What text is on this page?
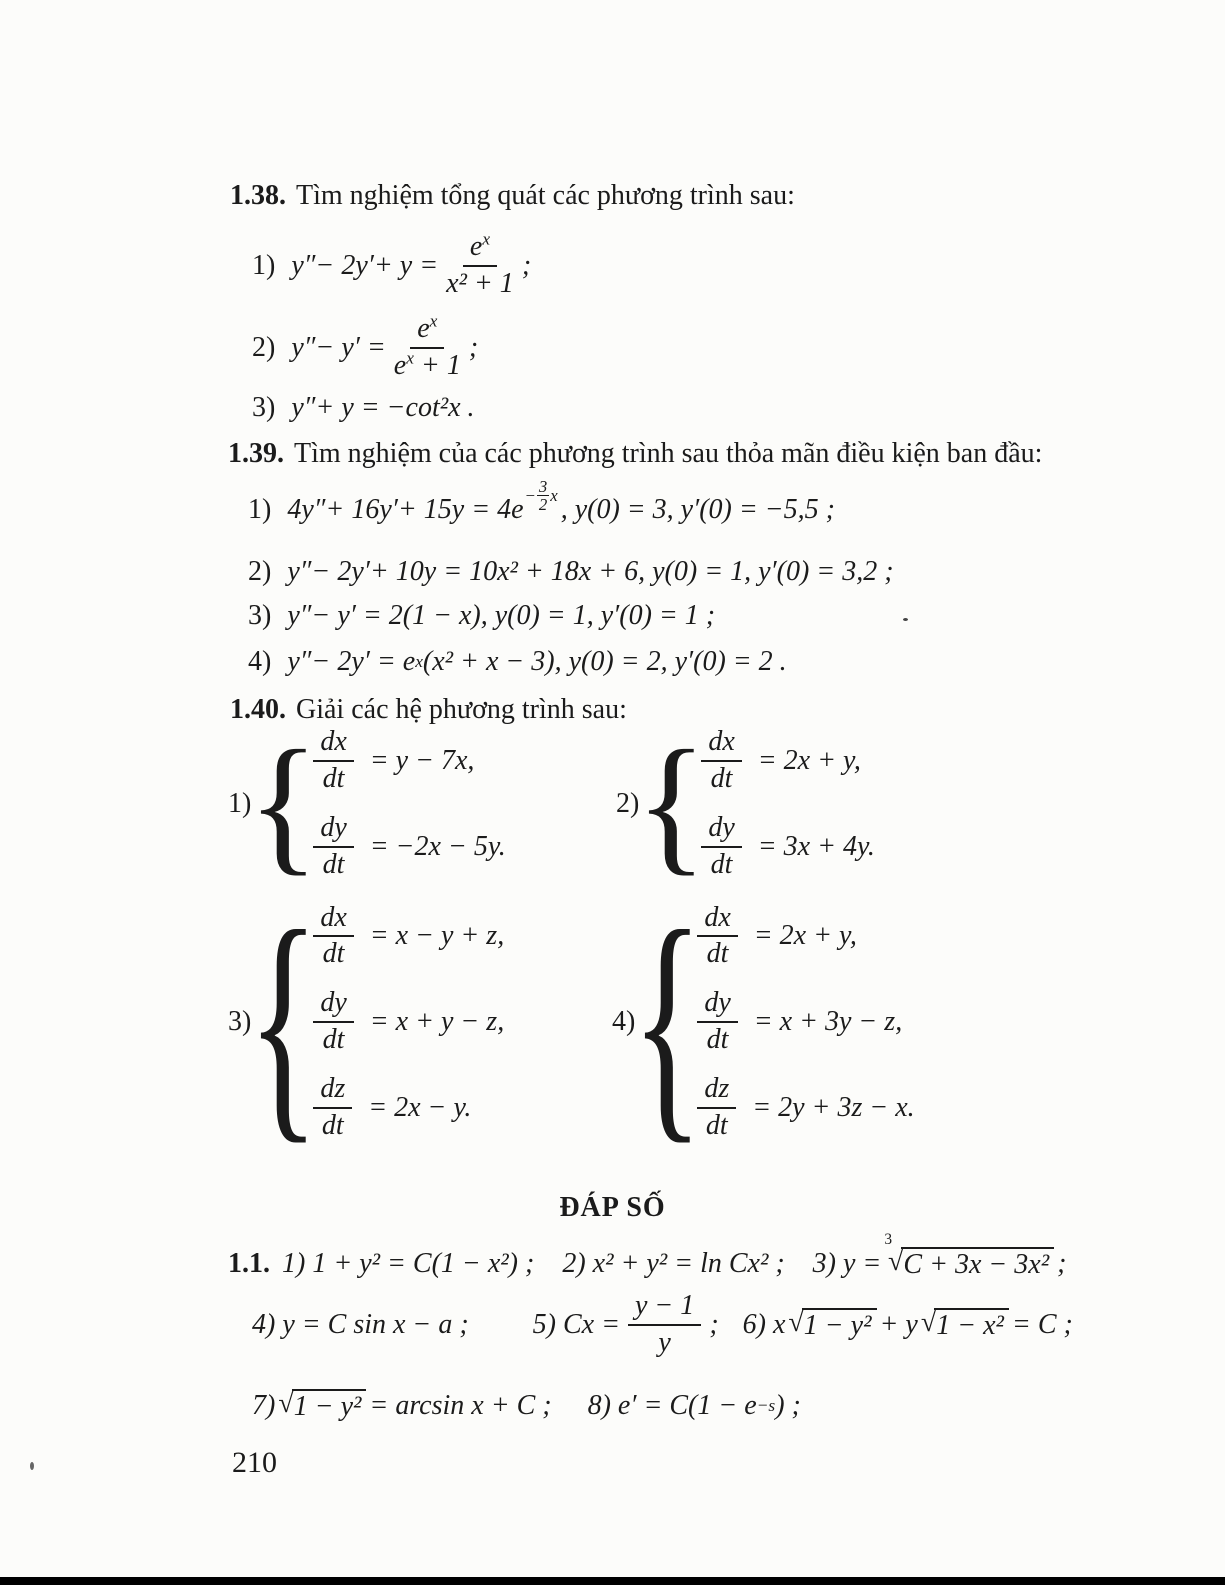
1.38. Tìm nghiệm tổng quát các phương trình sau:
1) $y''- 2y'+ y = \frac{e^x}{\text{x² + 1}}$ ;
2) $y''- y' = \frac{e^x}{e^x + 1}$ ;
3) y″+ y = −cot²x .
1.39. Tìm nghiệm của các phương trình sau thỏa mãn điều kiện ban đầu:
1) $4y''+ 16y'+ 15y = 4e - \frac{3}{2}$ x , y(0) = 3, y′(0) = −5,5 ;
2) y″− 2y′+ 10y = 10x² + 18x + 6, y(0) = 1, y′(0) = 3,2 ;
3) y″− y′ = 2(1 − x), y(0) = 1, y′(0) = 1 ;
4) y″− 2y′ = e x (x² + x − 3), y(0) = 2, y′(0) = 2 .
1.40. Giải các hệ phương trình sau:
1)
{
$\frac{dx}{dt} = y - 7x$,
$\frac{dy}{dt} = -2x - 5y$.
2)
{
$\frac{dx}{dt} = 2x + y$,
$\frac{dy}{dt} = 3x + 4y$.
3)
{
$\frac{dx}{dt} = x - y + z$,
$\frac{dy}{dt} = x + y - z$,
$\frac{dz}{dt} = 2x - y$.
4)
{
$\frac{dx}{dt} = 2x + y$,
$\frac{dy}{dt} = x + 3y - z$,
$\frac{dz}{dt} = 2y + 3z - x$.
ĐÁP SỐ
1.1. 1) 1 + y² = C(1 − x²) ; 2) x² + y² = ln Cx² ; 3) y =
$^3$
√ C + 3x − 3x² ;
4) y = C sin x − a ; 5) $Cx = \frac{y - 1}{y}$ ; 6) x √ 1 − y² + y √ 1 − x² = C ;
7) √ 1 − y² = arcsin x + C ; 8) e′ = C(1 − e −s ) ;
210
